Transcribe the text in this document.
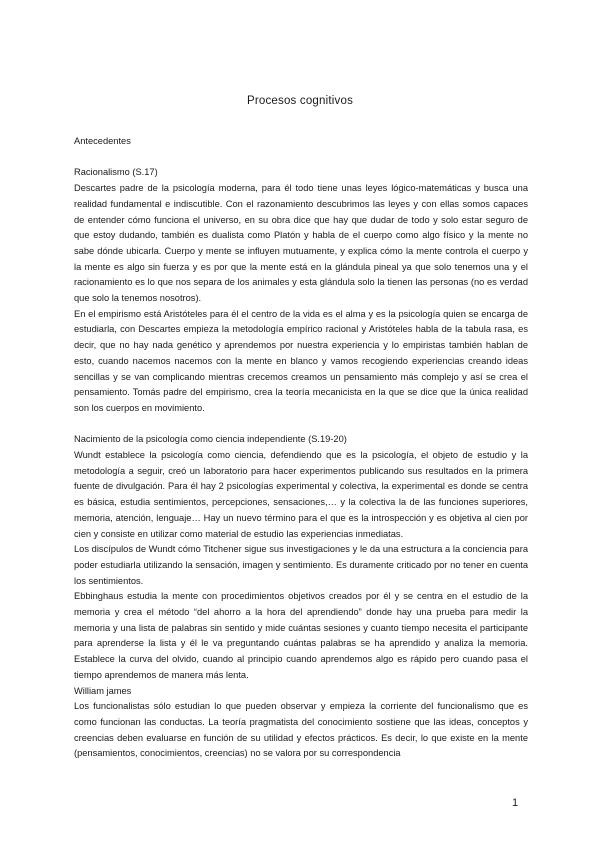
Procesos cognitivos

Antecedentes

Racionalismo (S.17)

Descartes padre de la psicología moderna, para él todo tiene unas leyes lógico-matemáticas y busca una realidad fundamental e indiscutible. Con el razonamiento descubrimos las leyes y con ellas somos capaces de entender cómo funciona el universo, en su obra dice que hay que dudar de todo y solo estar seguro de que estoy dudando, también es dualista como Platón y habla de el cuerpo como algo físico y la mente no sabe dónde ubicarla. Cuerpo y mente se influyen mutuamente, y explica cómo la mente controla el cuerpo y la mente es algo sin fuerza y es por que la mente está en la glándula pineal ya que solo tenemos una y el racionamiento es lo que nos separa de los animales y esta glándula solo la tienen las personas (no es verdad que solo la tenemos nosotros).

En el empirismo está Aristóteles para él el centro de la vida es el alma y es la psicología quien se encarga de estudiarla, con Descartes empieza la metodología empírico racional y Aristóteles habla de la tabula rasa, es decir, que no hay nada genético y aprendemos por nuestra experiencia y lo empiristas también hablan de esto, cuando nacemos nacemos con la mente en blanco y vamos recogiendo experiencias creando ideas sencillas y se van complicando mientras crecemos creamos un pensamiento más complejo y así se crea el pensamiento. Tomás padre del empirismo, crea la teoría mecanicista en la que se dice que la única realidad son los cuerpos en movimiento.

Nacimiento de la psicología como ciencia independiente (S.19-20)

Wundt establece la psicología como ciencia, defendiendo que es la psicología, el objeto de estudio y la metodología a seguir, creó un laboratorio para hacer experimentos publicando sus resultados en la primera fuente de divulgación. Para él hay 2 psicologías experimental y colectiva, la experimental es donde se centra es básica, estudia sentimientos, percepciones, sensaciones,… y la colectiva la de las funciones superiores, memoria, atención, lenguaje… Hay un nuevo término para el que es la introspección y es objetiva al cien por cien y consiste en utilizar como material de estudio las experiencias inmediatas.

Los discípulos de Wundt cómo Titchener sigue sus investigaciones y le da una estructura a la conciencia para poder estudiarla utilizando la sensación, imagen y sentimiento. Es duramente criticado por no tener en cuenta los sentimientos.

Ebbinghaus estudia la mente con procedimientos objetivos creados por él y se centra en el estudio de la memoria y crea el método “del ahorro a la hora del aprendiendo” donde hay una prueba para medir la memoria y una lista de palabras sin sentido y mide cuántas sesiones y cuanto tiempo necesita el participante para aprenderse la lista y él le va preguntando cuántas palabras se ha aprendido y analiza la memoria. Establece la curva del olvido, cuando al principio cuando aprendemos algo es rápido pero cuando pasa el tiempo aprendemos de manera más lenta.

William james

Los funcionalistas sólo estudian lo que pueden observar y empieza la corriente del funcionalismo que es como funcionan las conductas. La teoría pragmatista del conocimiento sostiene que las ideas, conceptos y creencias deben evaluarse en función de su utilidad y efectos prácticos. Es decir, lo que existe en la mente (pensamientos, conocimientos, creencias) no se valora por su correspondencia

1
